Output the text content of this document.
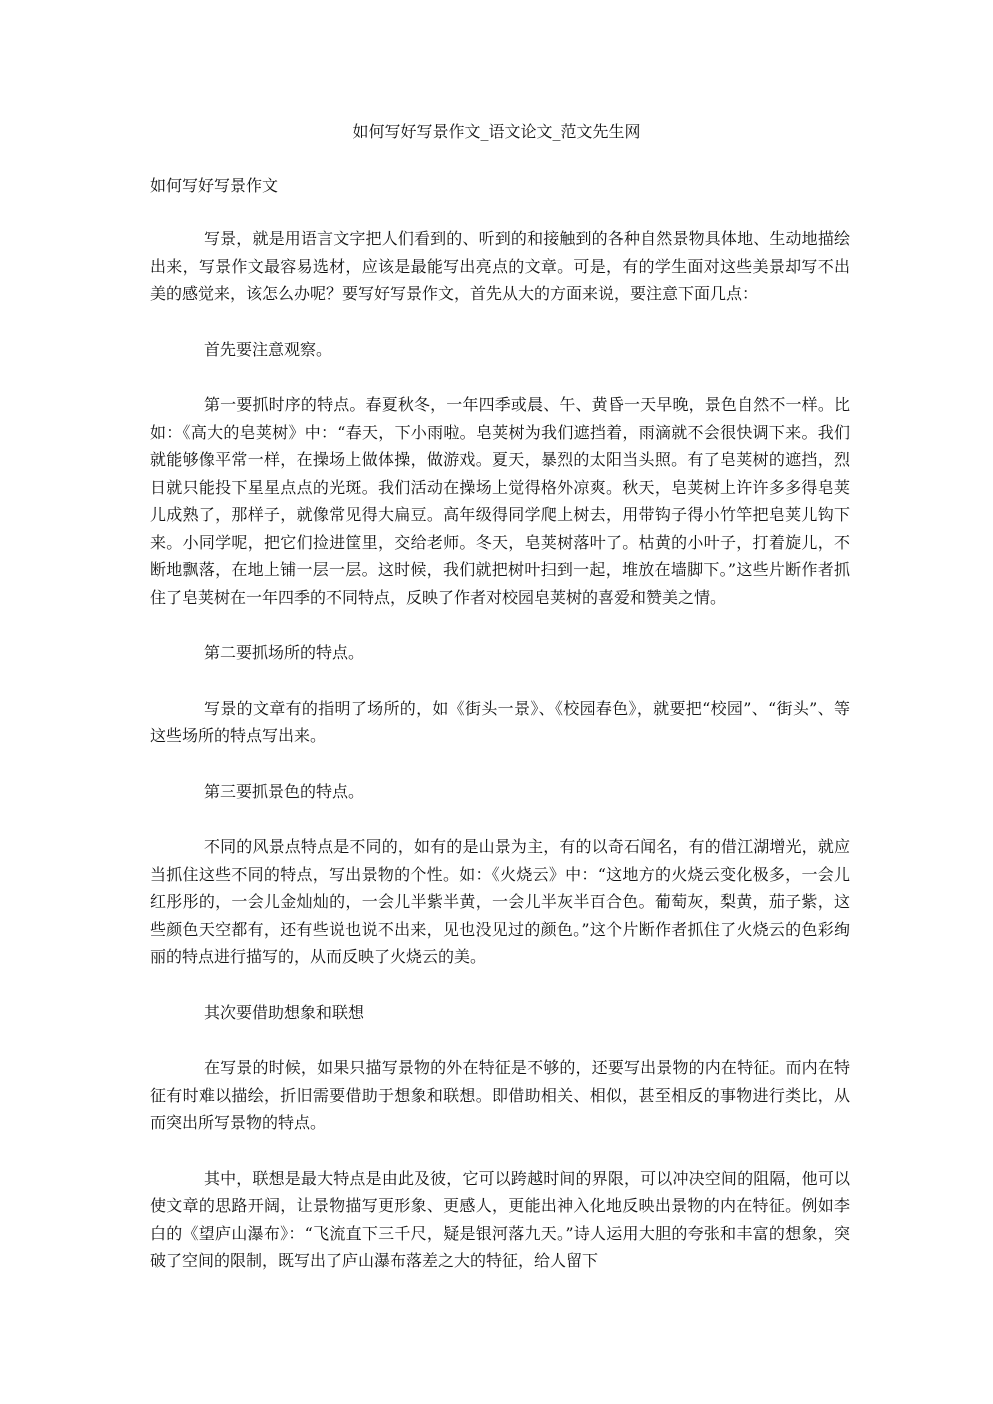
如何写好写景作文_语文论文_范文先生网
如何写好写景作文

写景，就是用语言文字把人们看到的、听到的和接触到的各种自然景物具体地、生动地描绘出来，写景作文最容易选材，应该是最能写出亮点的文章。可是，有的学生面对这些美景却写不出美的感觉来，该怎么办呢？要写好写景作文，首先从大的方面来说，要注意下面几点：

首先要注意观察。

第一要抓时序的特点。春夏秋冬，一年四季或晨、午、黄昏一天早晚，景色自然不一样。比如：《高大的皂荚树》中：“春天，下小雨啦。皂荚树为我们遮挡着，雨滴就不会很快调下来。我们就能够像平常一样，在操场上做体操，做游戏。夏天，暴烈的太阳当头照。有了皂荚树的遮挡，烈日就只能投下星星点点的光斑。我们活动在操场上觉得格外凉爽。秋天，皂荚树上许许多多得皂荚儿成熟了，那样子，就像常见得大扁豆。高年级得同学爬上树去，用带钩子得小竹竿把皂荚儿钩下来。小同学呢，把它们捡进筐里，交给老师。冬天，皂荚树落叶了。枯黄的小叶子，打着旋儿，不断地飘落，在地上铺一层一层。这时候，我们就把树叶扫到一起，堆放在墙脚下。”这些片断作者抓住了皂荚树在一年四季的不同特点，反映了作者对校园皂荚树的喜爱和赞美之情。

第二要抓场所的特点。

写景的文章有的指明了场所的，如《街头一景》、《校园春色》，就要把“校园”、“街头”、等这些场所的特点写出来。

第三要抓景色的特点。

不同的风景点特点是不同的，如有的是山景为主，有的以奇石闻名，有的借江湖增光，就应当抓住这些不同的特点，写出景物的个性。如：《火烧云》中：“这地方的火烧云变化极多，一会儿红彤彤的，一会儿金灿灿的，一会儿半紫半黄，一会儿半灰半百合色。葡萄灰，梨黄，茄子紫，这些颜色天空都有，还有些说也说不出来，见也没见过的颜色。”这个片断作者抓住了火烧云的色彩绚丽的特点进行描写的，从而反映了火烧云的美。

其次要借助想象和联想

在写景的时候，如果只描写景物的外在特征是不够的，还要写出景物的内在特征。而内在特征有时难以描绘，折旧需要借助于想象和联想。即借助相关、相似，甚至相反的事物进行类比，从而突出所写景物的特点。

其中，联想是最大特点是由此及彼，它可以跨越时间的界限，可以冲决空间的阻隔，他可以使文章的思路开阔，让景物描写更形象、更感人，更能出神入化地反映出景物的内在特征。例如李白的《望庐山瀑布》：“飞流直下三千尺，疑是银河落九天。”诗人运用大胆的夸张和丰富的想象，突破了空间的限制，既写出了庐山瀑布落差之大的特征，给人留下
